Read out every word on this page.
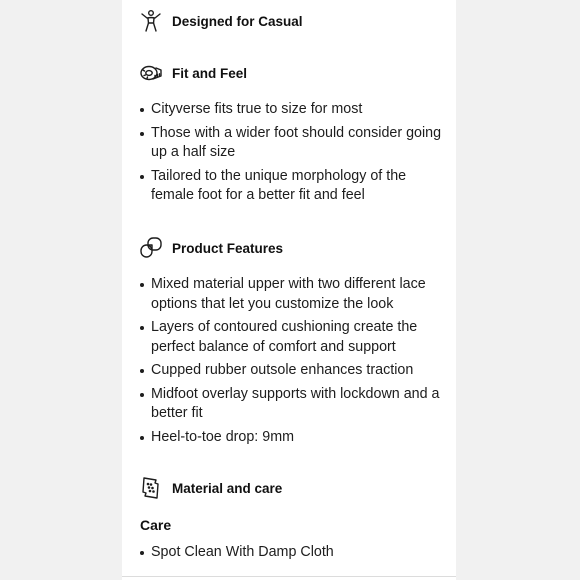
Designed for Casual
Fit and Feel
Cityverse fits true to size for most
Those with a wider foot should consider going up a half size
Tailored to the unique morphology of the female foot for a better fit and feel
Product Features
Mixed material upper with two different lace options that let you customize the look
Layers of contoured cushioning create the perfect balance of comfort and support
Cupped rubber outsole enhances traction
Midfoot overlay supports with lockdown and a better fit
Heel-to-toe drop: 9mm
Material and care
Care
Spot Clean With Damp Cloth
